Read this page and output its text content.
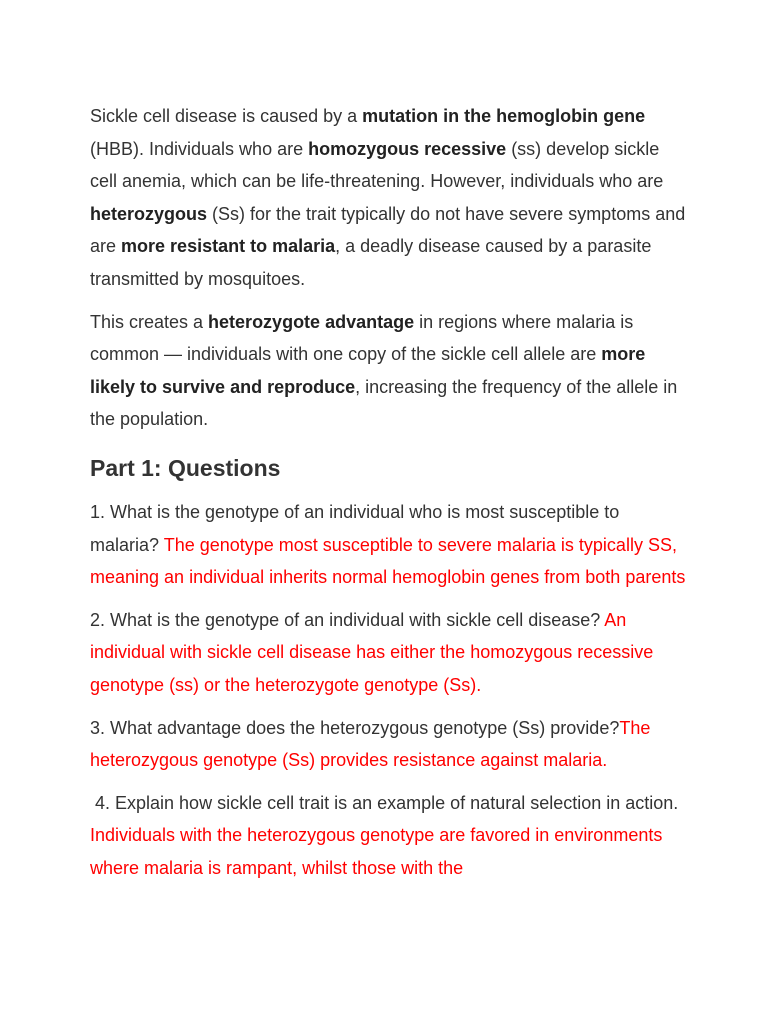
Sickle cell disease is caused by a mutation in the hemoglobin gene (HBB). Individuals who are homozygous recessive (ss) develop sickle cell anemia, which can be life-threatening. However, individuals who are heterozygous (Ss) for the trait typically do not have severe symptoms and are more resistant to malaria, a deadly disease caused by a parasite transmitted by mosquitoes.

This creates a heterozygote advantage in regions where malaria is common — individuals with one copy of the sickle cell allele are more likely to survive and reproduce, increasing the frequency of the allele in the population.

Part 1: Questions

1. What is the genotype of an individual who is most susceptible to malaria? The genotype most susceptible to severe malaria is typically SS, meaning an individual inherits normal hemoglobin genes from both parents

2. What is the genotype of an individual with sickle cell disease? An individual with sickle cell disease has either the homozygous recessive genotype (ss) or the heterozygote genotype (Ss).

3. What advantage does the heterozygous genotype (Ss) provide?The heterozygous genotype (Ss) provides resistance against malaria.

4. Explain how sickle cell trait is an example of natural selection in action. Individuals with the heterozygous genotype are favored in environments where malaria is rampant, whilst those with the
